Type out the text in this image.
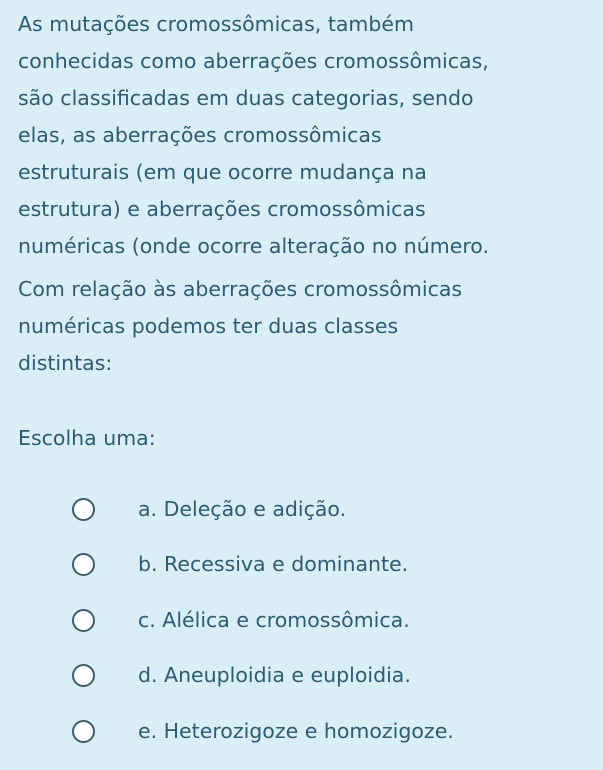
As mutações cromossômicas, também
conhecidas como aberrações cromossômicas,
são classificadas em duas categorias, sendo
elas, as aberrações cromossômicas
estruturais (em que ocorre mudança na
estrutura) e aberrações cromossômicas
numéricas (onde ocorre alteração no número.

Com relação às aberrações cromossômicas
numéricas podemos ter duas classes
distintas:

Escolha uma:

a. Deleção e adição.
b. Recessiva e dominante.
c. Alélica e cromossômica.
d. Aneuploidia e euploidia.
e. Heterozigoze e homozigoze.
